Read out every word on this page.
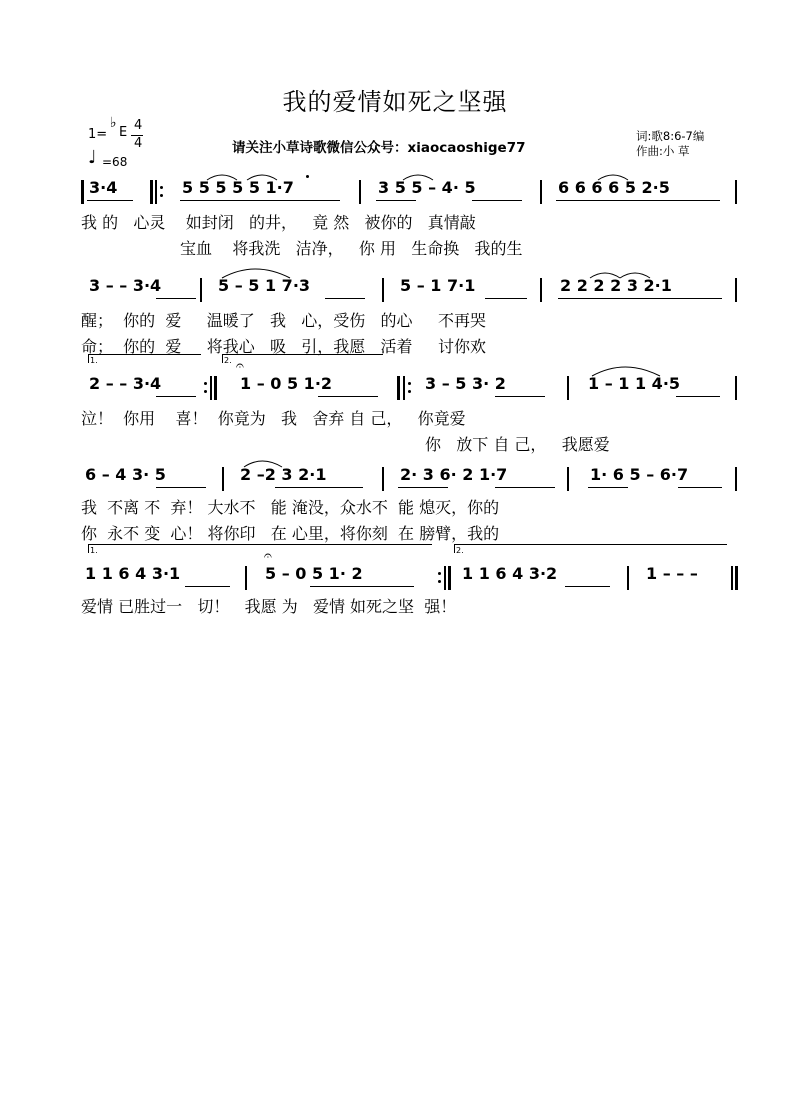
我的爱情如死之坚强
1=
♭
E 4
4
♩ =68
请关注小草诗歌微信公众号：xiaocaoshige77
词:歌8:6-7编
作曲:小 草
3·4	5 5 5 5 5 1·7	3 5 5 – 4· 5	6 6 6 6 5 2·5
我 的   心灵    如封闭   的井，   竟 然   被你的   真情敲
宝血    将我洗   洁净，   你 用   生命换   我的生
3 – – 3·4	5 – 5 1 7·3	5 – 1 7·1	2 2 2 2 3 2·1
醒；  你的  爱     温暖了   我   心，受伤   的心     不再哭
命；  你的  爱     将我心   吸   引，我愿   活着     讨你欢
1.	2.
2 – – 3·4	1 – 0 5 1·2	3 – 5 3· 2	1 – 1 1 4·5
𝄐
泣！  你用    喜！  你竟为   我   舍弃 自 己，   你竟爱
你   放下 自 己，   我愿爱
6 – 4 3· 5	2 –2 3 2·1	2· 3 6· 2 1·7	1· 6 5 – 6·7
我  不离 不  弃！ 大水不   能 淹没，众水不  能 熄灭，你的
你  永不 变  心！ 将你印   在 心里，将你刻  在 膀臂，我的
1.	2.
1 1 6 4 3·1	5 – 0 5 1· 2	1 1 6 4 3·2	1 – – –
𝄐
爱情 已胜过一   切！   我愿 为   爱情 如死之坚  强！
